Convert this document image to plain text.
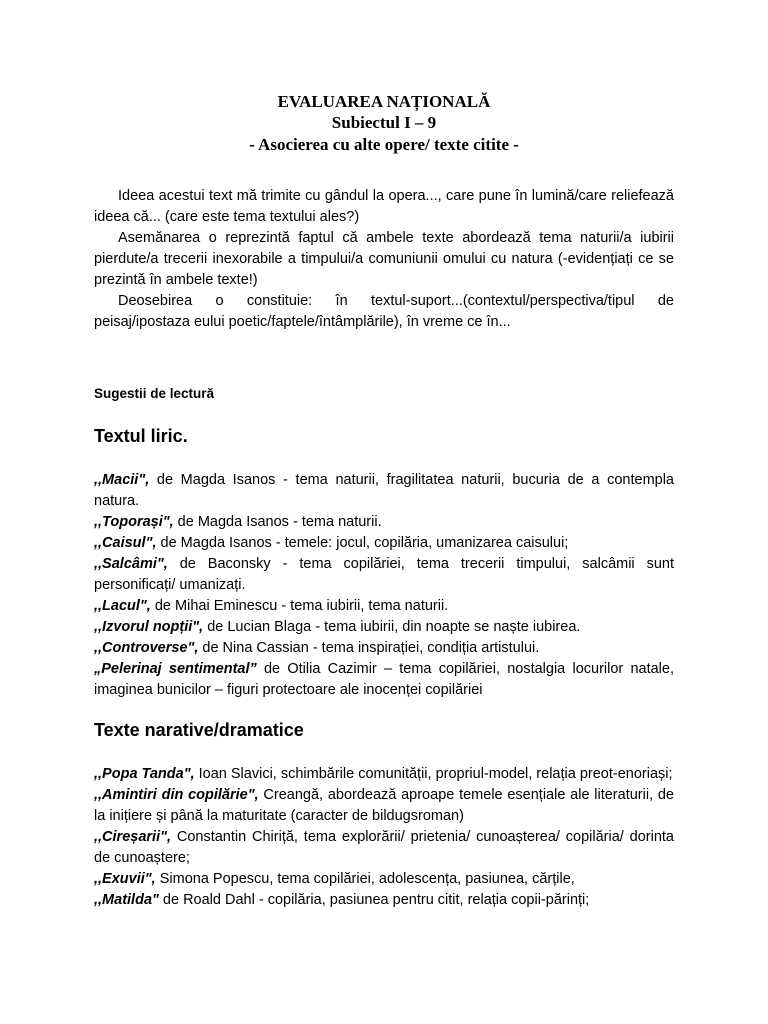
EVALUAREA NAȚIONALĂ
Subiectul I – 9
- Asocierea cu alte opere/ texte citite -

Ideea acestui text mă trimite cu gândul la opera..., care pune în lumină/care reliefează ideea că... (care este tema textului ales?)

Asemănarea o reprezintă faptul că ambele texte abordează tema naturii/a iubirii pierdute/a trecerii inexorabile a timpului/a comuniunii omului cu natura (-evidențiați ce se prezintă în ambele texte!)

Deosebirea o constituie: în textul-suport...(contextul/perspectiva/tipul de peisaj/ipostaza eului poetic/faptele/întâmplările), în vreme ce în...

Sugestii de lectură
Textul liric.

,,Macii", de Magda Isanos - tema naturii, fragilitatea naturii, bucuria de a contempla natura.

,,Toporași", de Magda Isanos - tema naturii.

,,Caisul", de Magda Isanos - temele: jocul, copilăria, umanizarea caisului;

,,Salcâmi", de Baconsky - tema copilăriei, tema trecerii timpului, salcâmii sunt personificați/ umanizați.

,,Lacul", de Mihai Eminescu - tema iubirii, tema naturii.

,,Izvorul nopții", de Lucian Blaga - tema iubirii, din noapte se naște iubirea.

,,Controverse", de Nina Cassian - tema inspirației, condiția artistului.

„Pelerinaj sentimental” de Otilia Cazimir – tema copilăriei, nostalgia locurilor natale, imaginea bunicilor – figuri protectoare ale inocenței copilăriei

Texte narative/dramatice

,,Popa Tanda", Ioan Slavici, schimbările comunității, propriul-model, relația preot-enoriași;

,,Amintiri din copilărie", Creangă, abordează aproape temele esențiale ale literaturii, de la inițiere și până la maturitate (caracter de bildugsroman)

,,Cireșarii", Constantin Chiriță, tema explorării/ prietenia/ cunoașterea/ copilăria/ dorinta de cunoaștere;

,,Exuvii", Simona Popescu, tema copilăriei, adolescența, pasiunea, cărțile,

,,Matilda" de Roald Dahl - copilăria, pasiunea pentru citit, relația copii-părinți;
